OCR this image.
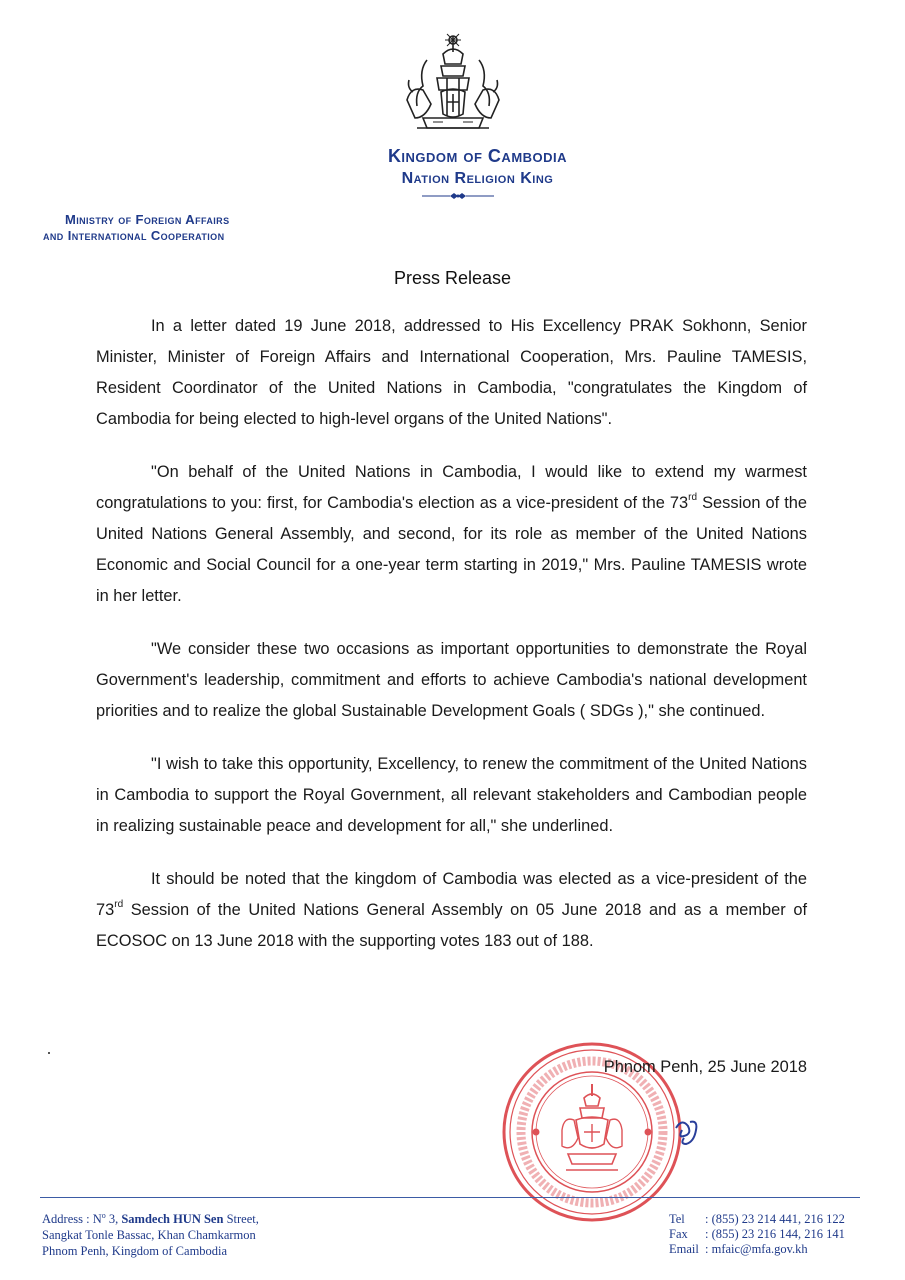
Kingdom of Cambodia
Nation Religion King
Ministry of Foreign Affairs
and International Cooperation
Press Release

In a letter dated 19 June 2018, addressed to His Excellency PRAK Sokhonn, Senior Minister, Minister of Foreign Affairs and International Cooperation, Mrs. Pauline TAMESIS, Resident Coordinator of the United Nations in Cambodia, "congratulates the Kingdom of Cambodia for being elected to high-level organs of the United Nations".

"On behalf of the United Nations in Cambodia, I would like to extend my warmest congratulations to you: first, for Cambodia's election as a vice-president of the 73rd Session of the United Nations General Assembly, and second, for its role as member of the United Nations Economic and Social Council for a one-year term starting in 2019," Mrs. Pauline TAMESIS wrote in her letter.

"We consider these two occasions as important opportunities to demonstrate the Royal Government's leadership, commitment and efforts to achieve Cambodia's national development priorities and to realize the global Sustainable Development Goals ( SDGs )," she continued.

"I wish to take this opportunity, Excellency, to renew the commitment of the United Nations in Cambodia to support the Royal Government, all relevant stakeholders and Cambodian people in realizing sustainable peace and development for all," she underlined.

It should be noted that the kingdom of Cambodia was elected as a vice-president of the 73rd Session of the United Nations General Assembly on 05 June 2018 and as a member of ECOSOC on 13 June 2018 with the supporting votes 183 out of 188.

Phnom Penh, 25 June 2018
Address : $N^o$ 3, Samdech HUN Sen Street,
Sangkat Tonle Bassac, Khan Chamkarmon
Phnom Penh, Kingdom of Cambodia
Tel	: (855) 23 214 441, 216 122
Fax	: (855) 23 216 144, 216 141
Email : mfaic@mfa.gov.kh
